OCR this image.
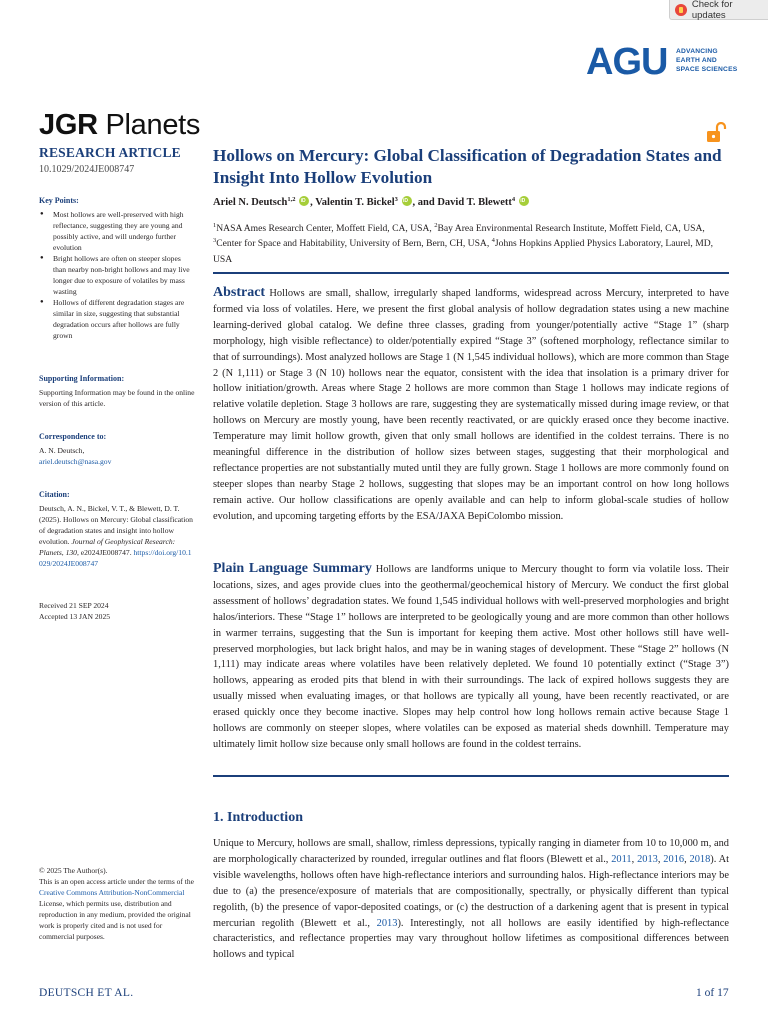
Check for updates
AGU ADVANCING
EARTH AND
SPACE SCIENCES
JGR Planets
RESEARCH ARTICLE
10.1029/2024JE008747
Key Points:
● Most hollows are well-preserved with high reflectance, suggesting they are young and possibly active, and will undergo further evolution
● Bright hollows are often on steeper slopes than nearby non-bright hollows and may live longer due to exposure of volatiles by mass wasting
● Hollows of different degradation stages are similar in size, suggesting that substantial degradation occurs after hollows are fully grown
Supporting Information:
Supporting Information may be found in the online version of this article.
Correspondence to:
A. N. Deutsch,
ariel.deutsch@nasa.gov
Citation:
Deutsch, A. N., Bickel, V. T., & Blewett, D. T. (2025). Hollows on Mercury: Global classification of degradation states and insight into hollow evolution. Journal of Geophysical Research: Planets, 130, e2024JE008747. https://doi.org/10.1029/2024JE008747
Received 21 SEP 2024
Accepted 13 JAN 2025
© 2025 The Author(s).
This is an open access article under the terms of the Creative Commons Attribution-NonCommercial License, which permits use, distribution and reproduction in any medium, provided the original work is properly cited and is not used for commercial purposes.
Hollows on Mercury: Global Classification of Degradation States and Insight Into Hollow Evolution
Ariel N. Deutsch$^{1,2}$ iD , Valentin T. Bickel$^3$ iD , and David T. Blewett$^4$ iD
$^1$NASA Ames Research Center, Moffett Field, CA, USA, $^2$Bay Area Environmental Research Institute, Moffett Field, CA, USA, $^3$Center for Space and Habitability, University of Bern, Bern, CH, USA, $^4$Johns Hopkins Applied Physics Laboratory, Laurel, MD, USA
Abstract Hollows are small, shallow, irregularly shaped landforms, widespread across Mercury, interpreted to have formed via loss of volatiles. Here, we present the first global analysis of hollow degradation states using a new machine learning-derived global catalog. We define three classes, grading from younger/potentially active “Stage 1” (sharp morphology, high visible reflectance) to older/potentially expired “Stage 3” (softened morphology, reflectance similar to that of surroundings). Most analyzed hollows are Stage 1 (N 1,545 individual hollows), which are more common than Stage 2 (N 1,111) or Stage 3 (N 10) hollows near the equator, consistent with the idea that insolation is a primary driver for hollow initiation/growth. Areas where Stage 2 hollows are more common than Stage 1 hollows may indicate regions of relative volatile depletion. Stage 3 hollows are rare, suggesting they are systematically missed during image review, or that hollows on Mercury are mostly young, have been recently reactivated, or are quickly erased once they become inactive. Temperature may limit hollow growth, given that only small hollows are identified in the coldest terrains. There is no meaningful difference in the distribution of hollow sizes between stages, suggesting that their morphological and reflectance properties are not substantially muted until they are fully grown. Stage 1 hollows are more commonly found on steeper slopes than nearby Stage 2 hollows, suggesting that slopes may be an important control on how long hollows remain active. Our hollow classifications are openly available and can help to inform global-scale studies of hollow evolution, and upcoming targeting efforts by the ESA/JAXA BepiColombo mission.
Plain Language Summary Hollows are landforms unique to Mercury thought to form via volatile loss. Their locations, sizes, and ages provide clues into the geothermal/geochemical history of Mercury. We conduct the first global assessment of hollows’ degradation states. We found 1,545 individual hollows with well-preserved morphologies and bright halos/interiors. These “Stage 1” hollows are interpreted to be geologically young and are more common than other hollows in warmer terrains, suggesting that the Sun is important for keeping them active. Most other hollows still have well-preserved morphologies, but lack bright halos, and may be in waning stages of development. These “Stage 2” hollows (N 1,111) may indicate areas where volatiles have been relatively depleted. We found 10 potentially extinct (“Stage 3”) hollows, appearing as eroded pits that blend in with their surroundings. The lack of expired hollows suggests they are usually missed when evaluating images, or that hollows are typically all young, have been recently reactivated, or are erased quickly once they become inactive. Slopes may help control how long hollows remain active because Stage 1 hollows are commonly on steeper slopes, where volatiles can be exposed as material sheds downhill. Temperature may ultimately limit hollow size because only small hollows are found in the coldest terrains.
1. Introduction
Unique to Mercury, hollows are small, shallow, rimless depressions, typically ranging in diameter from 10 to 10,000 m, and are morphologically characterized by rounded, irregular outlines and flat floors (Blewett et al., 2011, 2013, 2016, 2018). At visible wavelengths, hollows often have high-reflectance interiors and surrounding halos. High-reflectance interiors may be due to (a) the presence/exposure of materials that are compositionally, spectrally, or physically different than typical regolith, (b) the presence of vapor-deposited coatings, or (c) the destruction of a darkening agent that is present in typical mercurian regolith (Blewett et al., 2013). Interestingly, not all hollows are easily identified by high-reflectance characteristics, and reflectance properties may vary throughout hollow lifetimes as compositional differences between hollows and typical
DEUTSCH ET AL.	1 of 17
